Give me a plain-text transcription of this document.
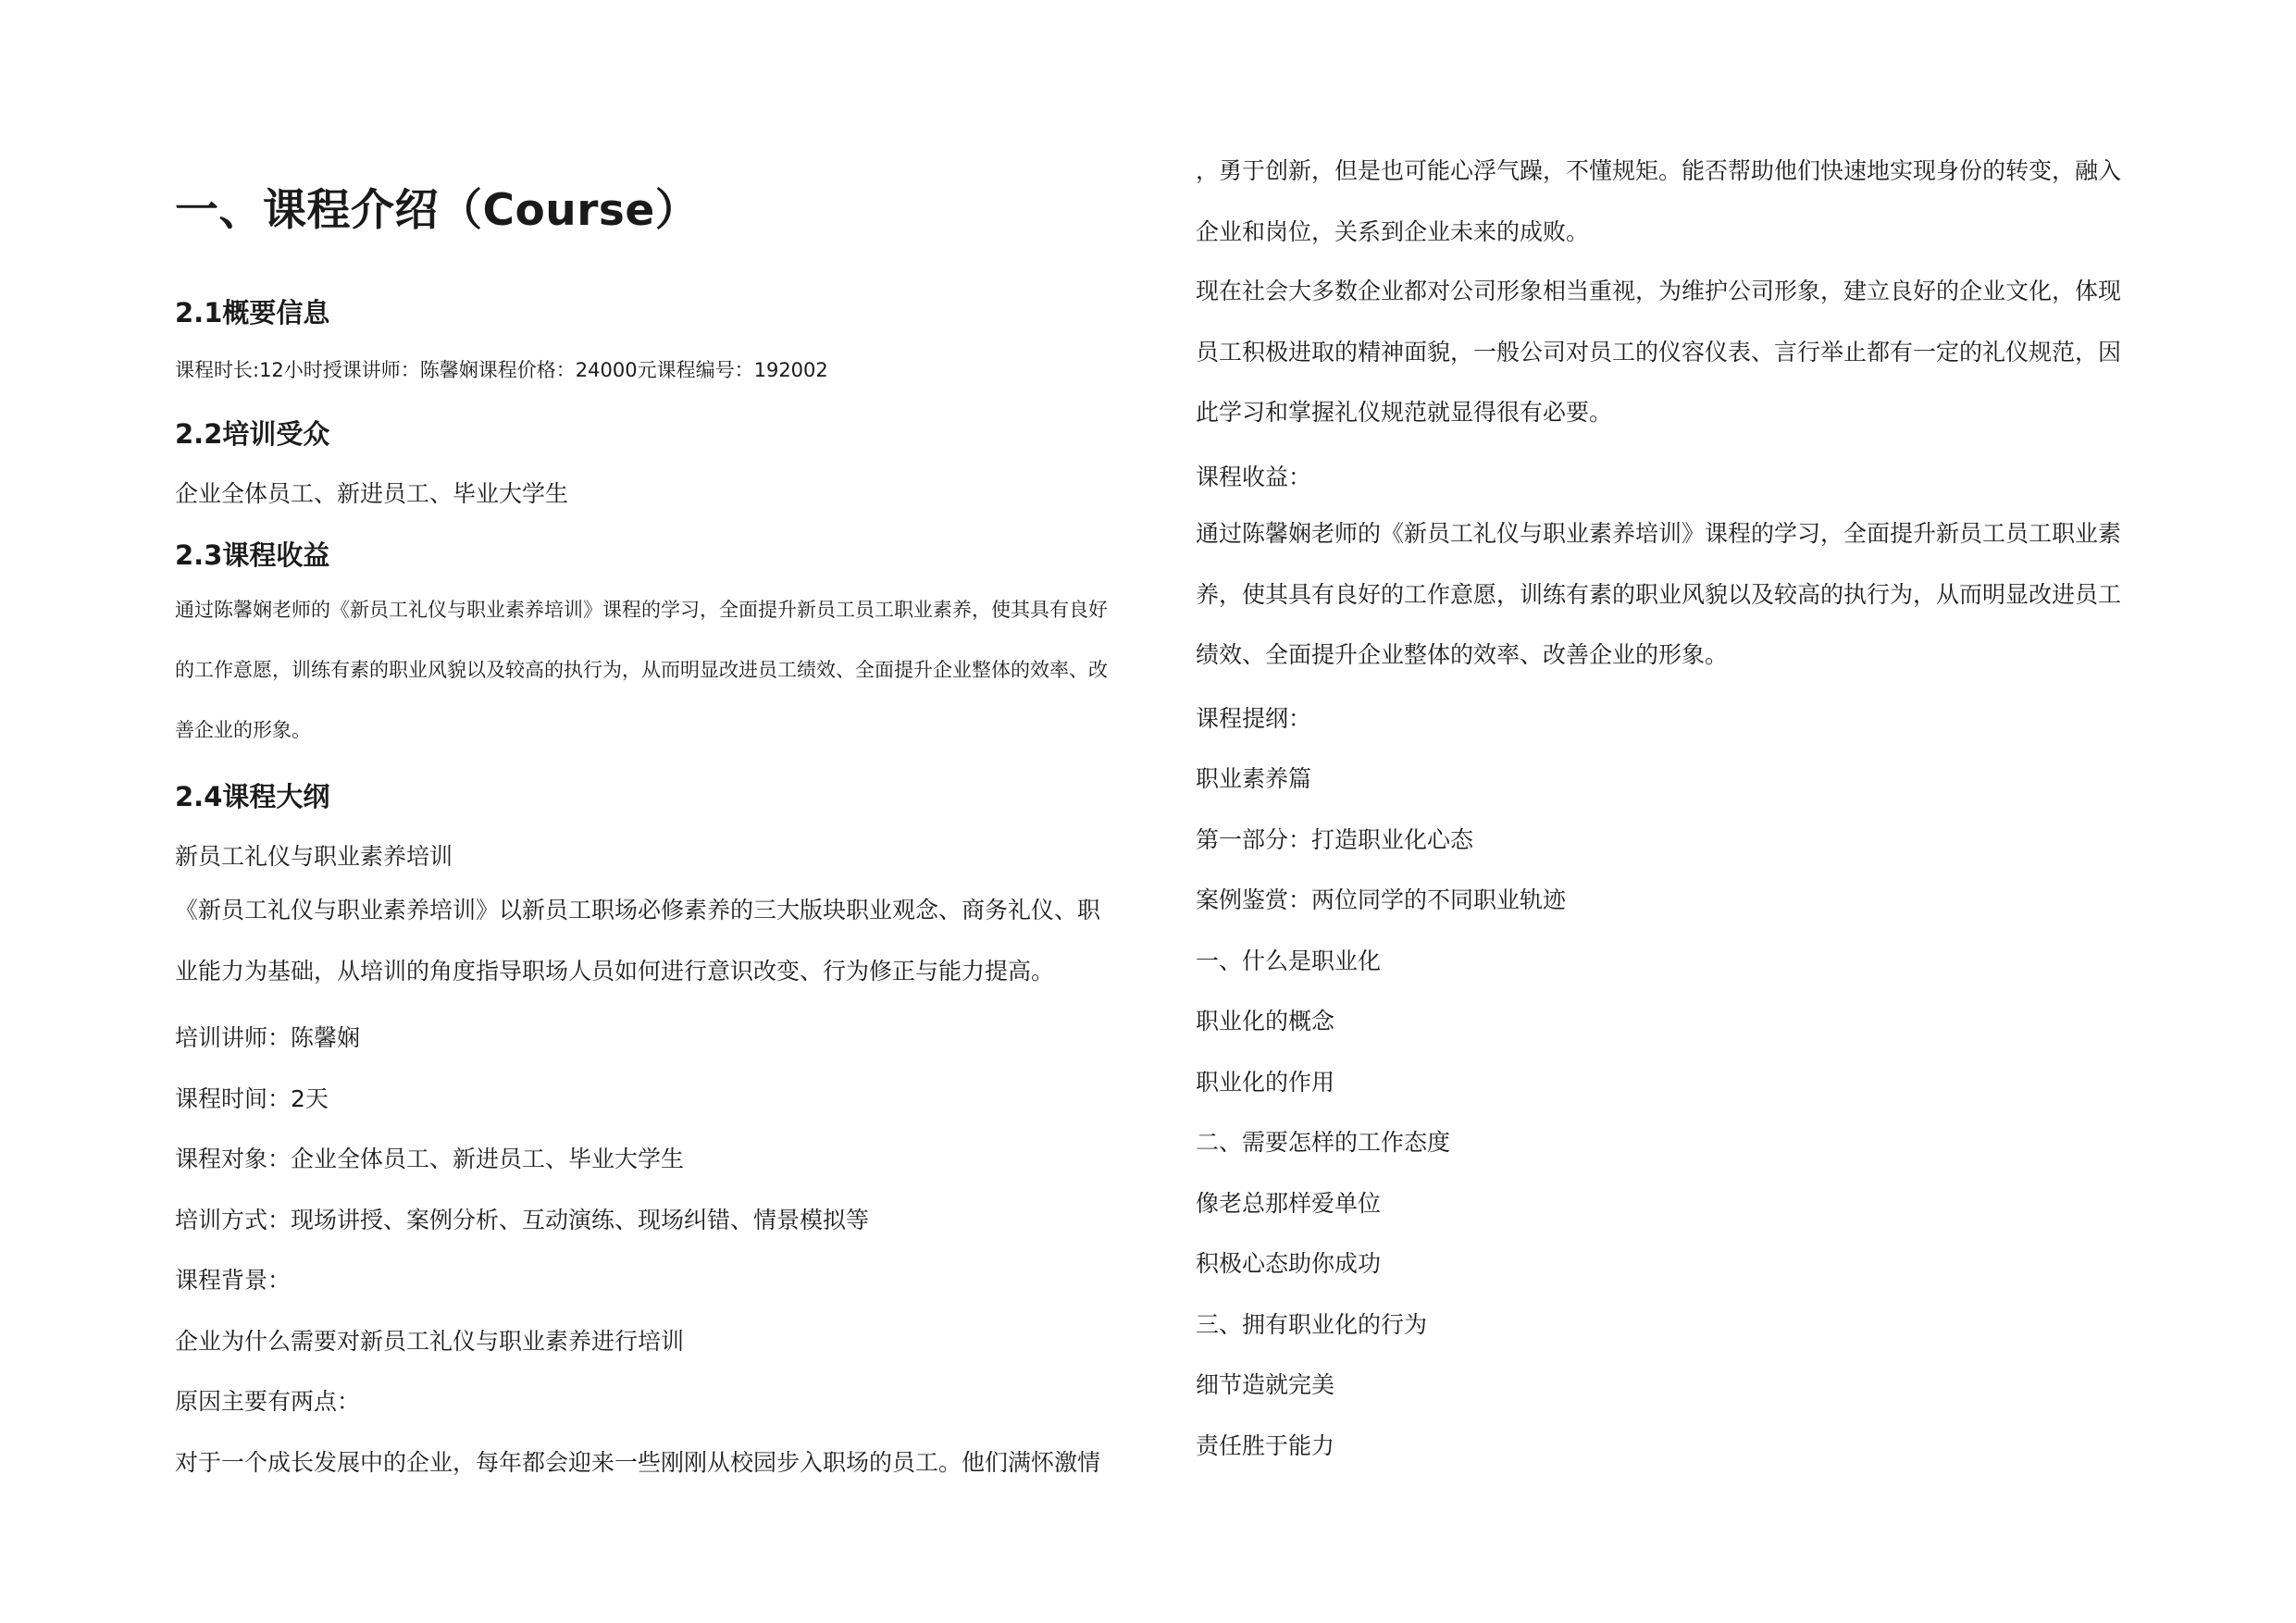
一、课程介绍（Course）
2.1概要信息
课程时长:12小时授课讲师：陈馨娴课程价格：24000元课程编号：192002
2.2培训受众
企业全体员工、新进员工、毕业大学生
2.3课程收益
通过陈馨娴老师的《新员工礼仪与职业素养培训》课程的学习，全面提升新员工员工职业素养，使其具有良好的工作意愿，训练有素的职业风貌以及较高的执行为，从而明显改进员工绩效、全面提升企业整体的效率、改善企业的形象。
2.4课程大纲
新员工礼仪与职业素养培训
《新员工礼仪与职业素养培训》以新员工职场必修素养的三大版块职业观念、商务礼仪、职业能力为基础，从培训的角度指导职场人员如何进行意识改变、行为修正与能力提高。
培训讲师：陈馨娴
课程时间：2天
课程对象：企业全体员工、新进员工、毕业大学生
培训方式：现场讲授、案例分析、互动演练、现场纠错、情景模拟等
课程背景：
企业为什么需要对新员工礼仪与职业素养进行培训
原因主要有两点：
对于一个成长发展中的企业，每年都会迎来一些刚刚从校园步入职场的员工。他们满怀激情
，勇于创新，但是也可能心浮气躁，不懂规矩。能否帮助他们快速地实现身份的转变，融入企业和岗位，关系到企业未来的成败。
现在社会大多数企业都对公司形象相当重视，为维护公司形象，建立良好的企业文化，体现员工积极进取的精神面貌，一般公司对员工的仪容仪表、言行举止都有一定的礼仪规范，因此学习和掌握礼仪规范就显得很有必要。
课程收益：
通过陈馨娴老师的《新员工礼仪与职业素养培训》课程的学习，全面提升新员工员工职业素养，使其具有良好的工作意愿，训练有素的职业风貌以及较高的执行为，从而明显改进员工绩效、全面提升企业整体的效率、改善企业的形象。
课程提纲：
职业素养篇
第一部分：打造职业化心态
案例鉴赏：两位同学的不同职业轨迹
一、什么是职业化
职业化的概念
职业化的作用
二、需要怎样的工作态度
像老总那样爱单位
积极心态助你成功
三、拥有职业化的行为
细节造就完美
责任胜于能力
